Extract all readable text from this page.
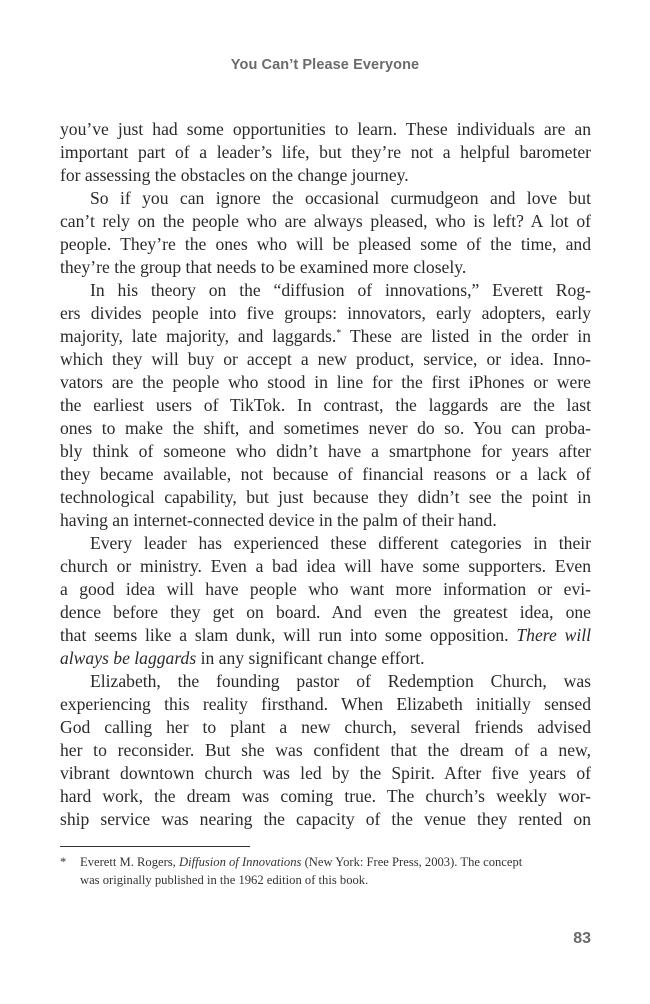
You Can’t Please Everyone
you’ve just had some opportunities to learn. These individuals are an
important part of a leader’s life, but they’re not a helpful barometer
for assessing the obstacles on the change journey.
So if you can ignore the occasional curmudgeon and love but
can’t rely on the people who are always pleased, who is left? A lot of
people. They’re the ones who will be pleased some of the time, and
they’re the group that needs to be examined more closely.
In his theory on the “diffusion of innovations,” Everett Rog-
ers divides people into five groups: innovators, early adopters, early
majority, late majority, and laggards.* These are listed in the order in
which they will buy or accept a new product, service, or idea. Inno-
vators are the people who stood in line for the first iPhones or were
the earliest users of TikTok. In contrast, the laggards are the last
ones to make the shift, and sometimes never do so. You can proba-
bly think of someone who didn’t have a smartphone for years after
they became available, not because of financial reasons or a lack of
technological capability, but just because they didn’t see the point in
having an internet-connected device in the palm of their hand.
Every leader has experienced these different categories in their
church or ministry. Even a bad idea will have some supporters. Even
a good idea will have people who want more information or evi-
dence before they get on board. And even the greatest idea, one
that seems like a slam dunk, will run into some opposition. There will
always be laggards in any significant change effort.
Elizabeth, the founding pastor of Redemption Church, was
experiencing this reality firsthand. When Elizabeth initially sensed
God calling her to plant a new church, several friends advised
her to reconsider. But she was confident that the dream of a new,
vibrant downtown church was led by the Spirit. After five years of
hard work, the dream was coming true. The church’s weekly wor-
ship service was nearing the capacity of the venue they rented on
* Everett M. Rogers, Diffusion of Innovations (New York: Free Press, 2003). The concept
was originally published in the 1962 edition of this book.
83
